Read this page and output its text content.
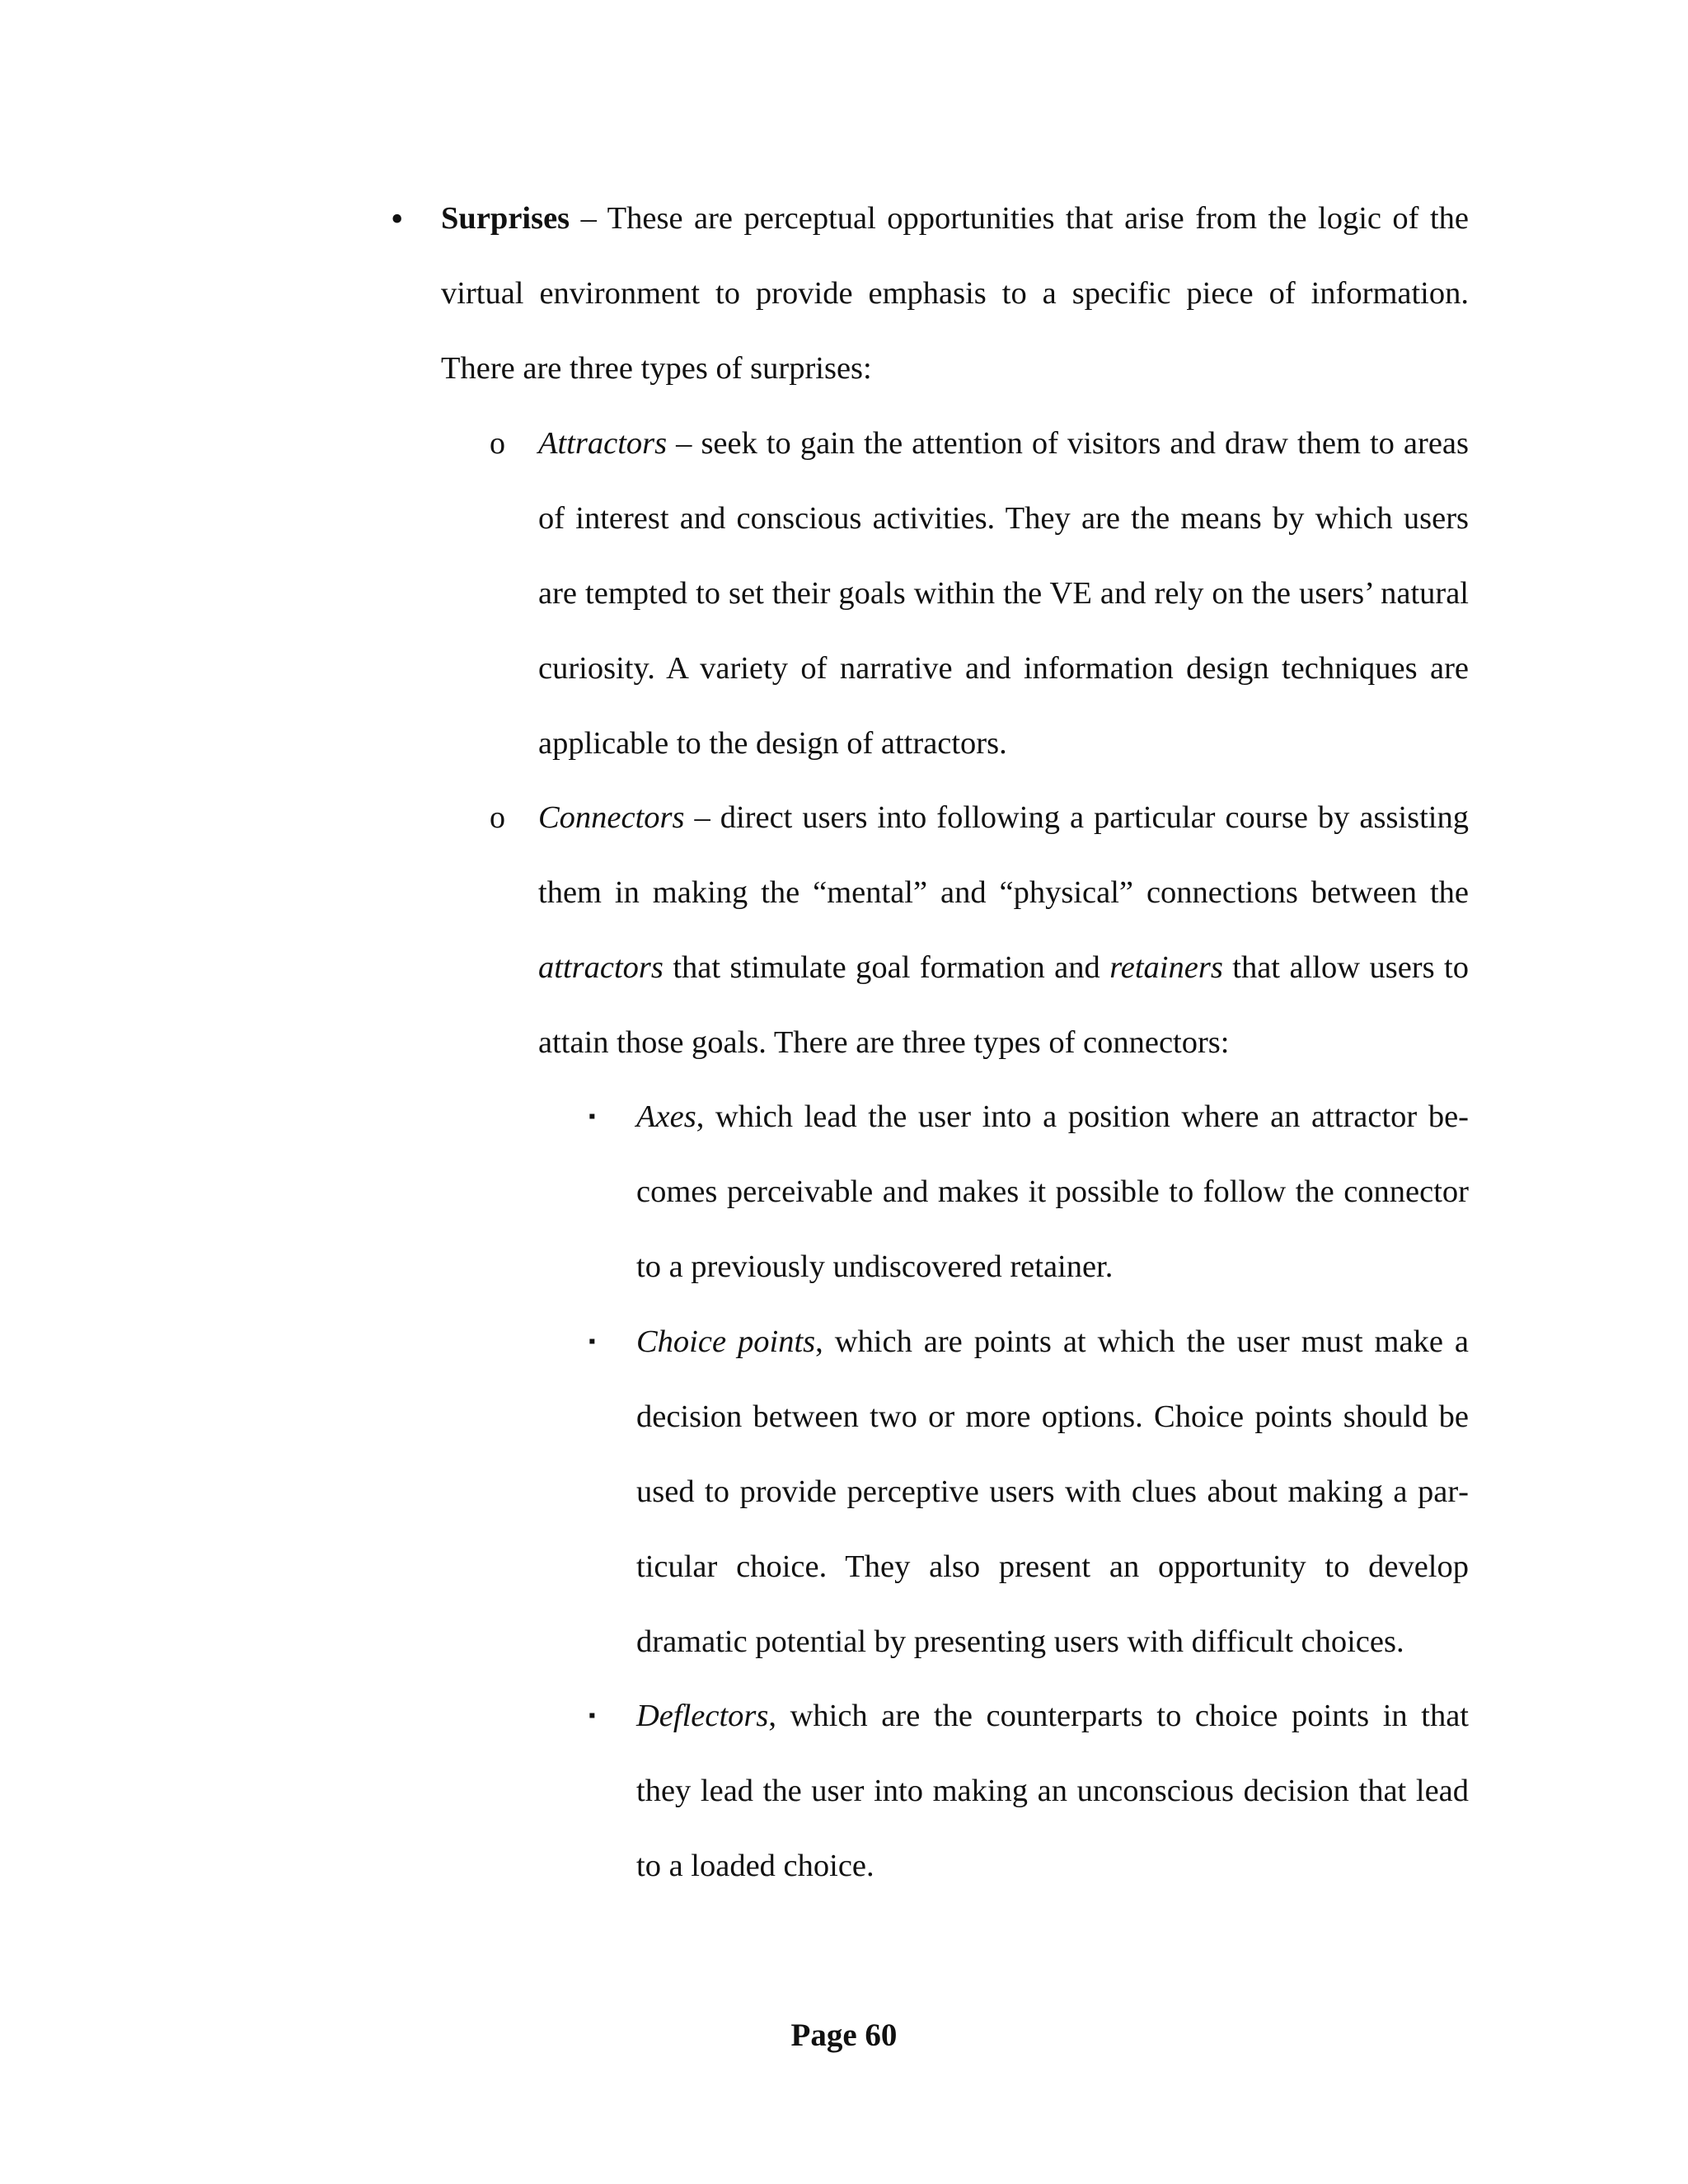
• Surprises – These are perceptual opportunities that arise from the logic of the virtual environment to provide emphasis to a specific piece of information. There are three types of surprises:

o Attractors – seek to gain the attention of visitors and draw them to areas of interest and conscious activities. They are the means by which users are tempted to set their goals within the VE and rely on the users’ natural curiosity. A variety of narrative and information design techniques are applicable to the design of attractors.

o Connectors – direct users into following a particular course by assisting them in making the “mental” and “physical” connections between the attractors that stimulate goal formation and retainers that allow users to attain those goals. There are three types of connectors:

▪ Axes, which lead the user into a position where an attractor becomes perceivable and makes it possible to follow the connector to a previously undiscovered retainer.

▪ Choice points, which are points at which the user must make a decision between two or more options. Choice points should be used to provide perceptive users with clues about making a particular choice. They also present an opportunity to develop dramatic potential by presenting users with difficult choices.

▪ Deflectors, which are the counterparts to choice points in that they lead the user into making an unconscious decision that lead to a loaded choice.

Page 60
